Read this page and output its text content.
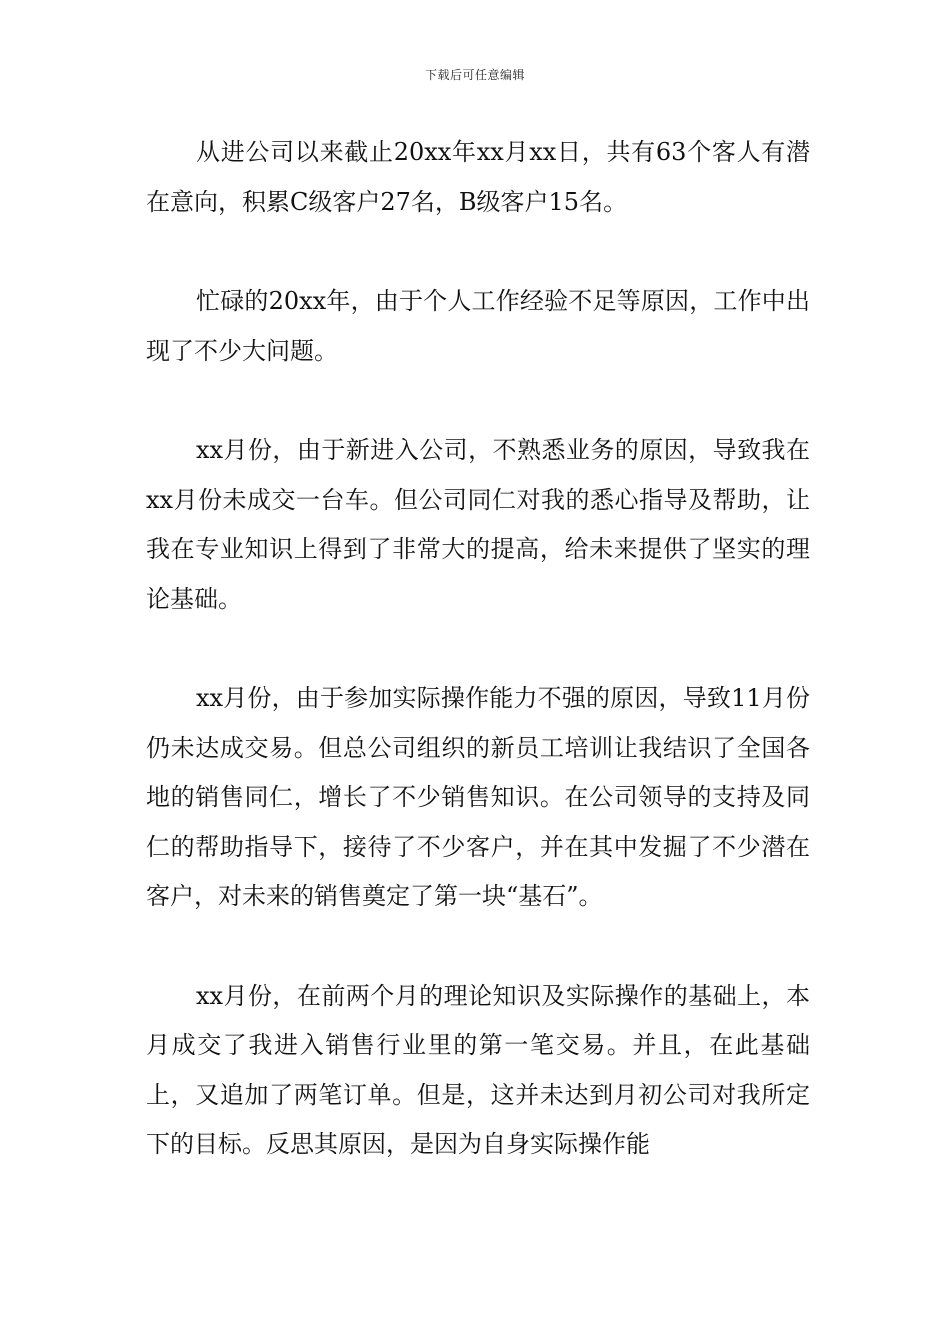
下载后可任意编辑

从进公司以来截止20xx年xx月xx日，共有63个客人有潜在意向，积累C级客户27名，B级客户15名。

忙碌的20xx年，由于个人工作经验不足等原因，工作中出现了不少大问题。

xx月份，由于新进入公司，不熟悉业务的原因，导致我在xx月份未成交一台车。但公司同仁对我的悉心指导及帮助，让我在专业知识上得到了非常大的提高，给未来提供了坚实的理论基础。

xx月份，由于参加实际操作能力不强的原因，导致11月份仍未达成交易。但总公司组织的新员工培训让我结识了全国各地的销售同仁，增长了不少销售知识。在公司领导的支持及同仁的帮助指导下，接待了不少客户，并在其中发掘了不少潜在客户，对未来的销售奠定了第一块“基石”。

xx月份，在前两个月的理论知识及实际操作的基础上，本月成交了我进入销售行业里的第一笔交易。并且，在此基础上，又追加了两笔订单。但是，这并未达到月初公司对我所定下的目标。反思其原因，是因为自身实际操作能
